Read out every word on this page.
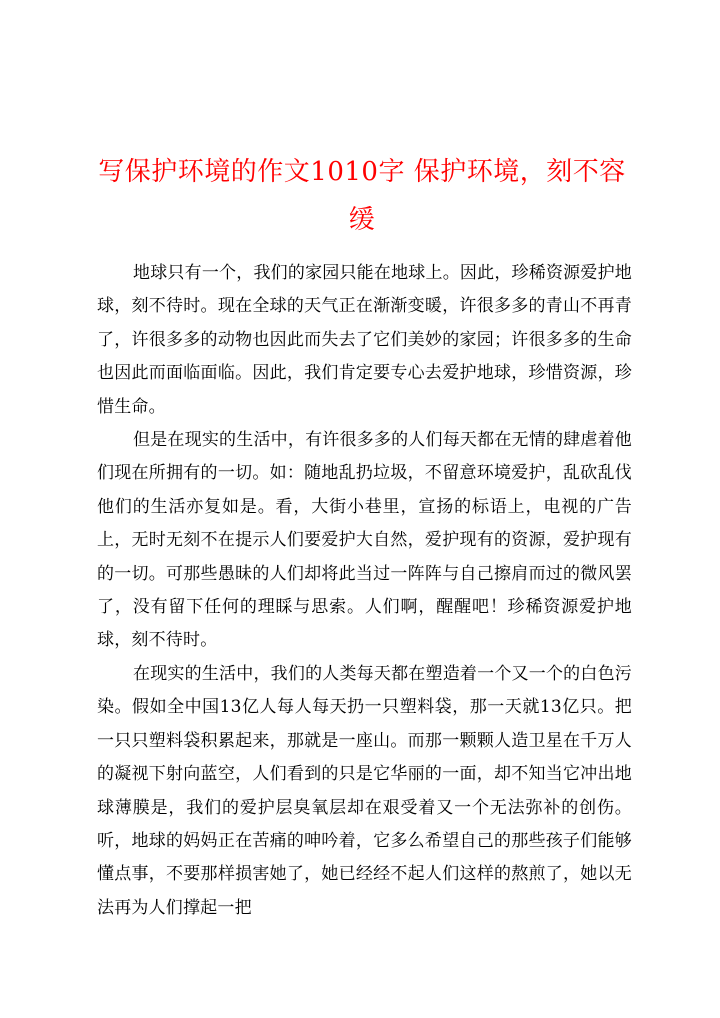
写保护环境的作文1010字 保护环境，刻不容缓

地球只有一个，我们的家园只能在地球上。因此，珍稀资源爱护地球，刻不待时。现在全球的天气正在渐渐变暖，许很多多的青山不再青了，许很多多的动物也因此而失去了它们美妙的家园；许很多多的生命也因此而面临面临。因此，我们肯定要专心去爱护地球，珍惜资源，珍惜生命。

但是在现实的生活中，有许很多多的人们每天都在无情的肆虐着他们现在所拥有的一切。如：随地乱扔垃圾，不留意环境爱护，乱砍乱伐他们的生活亦复如是。看，大街小巷里，宣扬的标语上，电视的广告上，无时无刻不在提示人们要爱护大自然，爱护现有的资源，爱护现有的一切。可那些愚昧的人们却将此当过一阵阵与自己擦肩而过的微风罢了，没有留下任何的理睬与思索。人们啊，醒醒吧！珍稀资源爱护地球，刻不待时。

在现实的生活中，我们的人类每天都在塑造着一个又一个的白色污染。假如全中国13亿人每人每天扔一只塑料袋，那一天就13亿只。把一只只塑料袋积累起来，那就是一座山。而那一颗颗人造卫星在千万人的凝视下射向蓝空，人们看到的只是它华丽的一面，却不知当它冲出地球薄膜是，我们的爱护层臭氧层却在艰受着又一个无法弥补的创伤。听，地球的妈妈正在苦痛的呻吟着，它多么希望自己的那些孩子们能够懂点事，不要那样损害她了，她已经经不起人们这样的熬煎了，她以无法再为人们撑起一把
